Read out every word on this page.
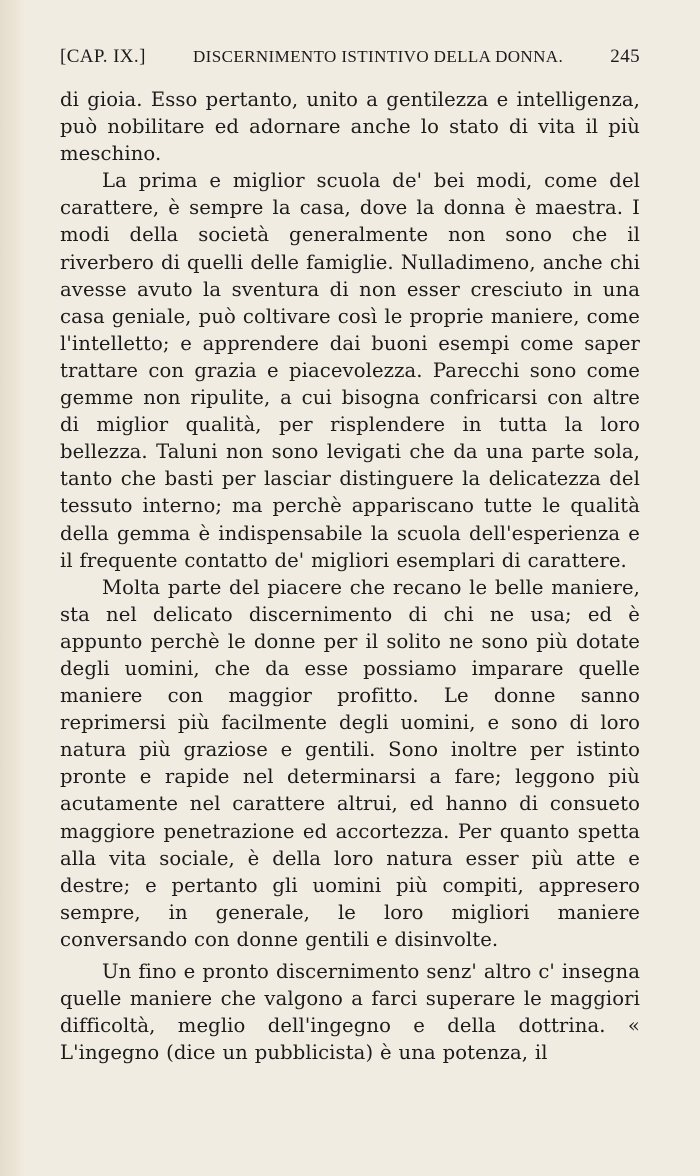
[CAP. IX.]	DISCERNIMENTO ISTINTIVO DELLA DONNA.	245

di gioia. Esso pertanto, unito a gentilezza e intelligenza, può nobilitare ed adornare anche lo stato di vita il più meschino.

La prima e miglior scuola de' bei modi, come del carattere, è sempre la casa, dove la donna è maestra. I modi della società generalmente non sono che il riverbero di quelli delle famiglie. Nulladimeno, anche chi avesse avuto la sventura di non esser cresciuto in una casa geniale, può coltivare così le proprie maniere, come l'intelletto; e apprendere dai buoni esempi come saper trattare con grazia e piacevolezza. Parecchi sono come gemme non ripulite, a cui bisogna confricarsi con altre di miglior qualità, per risplendere in tutta la loro bellezza. Taluni non sono levigati che da una parte sola, tanto che basti per lasciar distinguere la delicatezza del tessuto interno; ma perchè appariscano tutte le qualità della gemma è indispensabile la scuola dell'esperienza e il frequente contatto de' migliori esemplari di carattere.

Molta parte del piacere che recano le belle maniere, sta nel delicato discernimento di chi ne usa; ed è appunto perchè le donne per il solito ne sono più dotate degli uomini, che da esse possiamo imparare quelle maniere con maggior profitto. Le donne sanno reprimersi più facilmente degli uomini, e sono di loro natura più graziose e gentili. Sono inoltre per istinto pronte e rapide nel determinarsi a fare; leggono più acutamente nel carattere altrui, ed hanno di consueto maggiore penetrazione ed accortezza. Per quanto spetta alla vita sociale, è della loro natura esser più atte e destre; e pertanto gli uomini più compiti, appresero sempre, in generale, le loro migliori maniere conversando con donne gentili e disinvolte.

Un fino e pronto discernimento senz' altro c' insegna quelle maniere che valgono a farci superare le maggiori difficoltà, meglio dell'ingegno e della dottrina. « L'ingegno (dice un pubblicista) è una potenza, il
